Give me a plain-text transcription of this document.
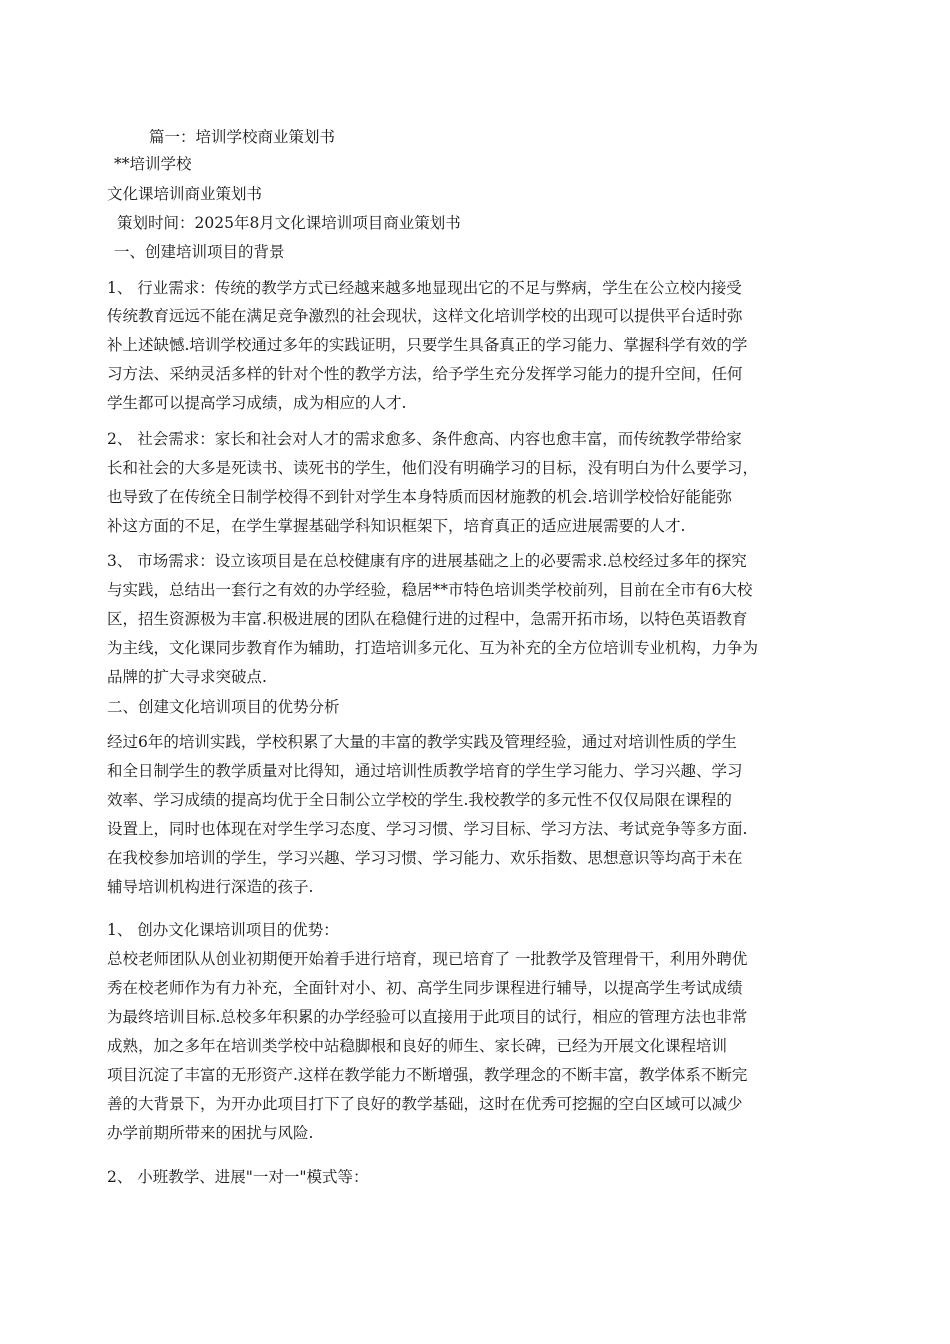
篇一：培训学校商业策划书
**培训学校
文化课培训商业策划书
策划时间：2025年8月文化课培训项目商业策划书
一、创建培训项目的背景
1、 行业需求：传统的教学方式已经越来越多地显现出它的不足与弊病，学生在公立校内接受
传统教育远远不能在满足竞争激烈的社会现状，这样文化培训学校的出现可以提供平台适时弥
补上述缺憾.培训学校通过多年的实践证明，只要学生具备真正的学习能力、掌握科学有效的学
习方法、采纳灵活多样的针对个性的教学方法，给予学生充分发挥学习能力的提升空间，任何
学生都可以提高学习成绩，成为相应的人才.
2、 社会需求：家长和社会对人才的需求愈多、条件愈高、内容也愈丰富，而传统教学带给家
长和社会的大多是死读书、读死书的学生，他们没有明确学习的目标，没有明白为什么要学习，
也导致了在传统全日制学校得不到针对学生本身特质而因材施教的机会.培训学校恰好能能弥
补这方面的不足，在学生掌握基础学科知识框架下，培育真正的适应进展需要的人才.
3、 市场需求：设立该项目是在总校健康有序的进展基础之上的必要需求.总校经过多年的探究
与实践，总结出一套行之有效的办学经验，稳居**市特色培训类学校前列，目前在全市有6大校
区，招生资源极为丰富.积极进展的团队在稳健行进的过程中，急需开拓市场，以特色英语教育
为主线，文化课同步教育作为辅助，打造培训多元化、互为补充的全方位培训专业机构，力争为
品牌的扩大寻求突破点.
二、创建文化培训项目的优势分析
经过6年的培训实践，学校积累了大量的丰富的教学实践及管理经验，通过对培训性质的学生
和全日制学生的教学质量对比得知，通过培训性质教学培育的学生学习能力、学习兴趣、学习
效率、学习成绩的提高均优于全日制公立学校的学生.我校教学的多元性不仅仅局限在课程的
设置上，同时也体现在对学生学习态度、学习习惯、学习目标、学习方法、考试竞争等多方面.
在我校参加培训的学生，学习兴趣、学习习惯、学习能力、欢乐指数、思想意识等均高于未在
辅导培训机构进行深造的孩子.
1、 创办文化课培训项目的优势：
总校老师团队从创业初期便开始着手进行培育，现已培育了 一批教学及管理骨干，利用外聘优
秀在校老师作为有力补充，全面针对小、初、高学生同步课程进行辅导，以提高学生考试成绩
为最终培训目标.总校多年积累的办学经验可以直接用于此项目的试行，相应的管理方法也非常
成熟，加之多年在培训类学校中站稳脚根和良好的师生、家长碑，已经为开展文化课程培训
项目沉淀了丰富的无形资产.这样在教学能力不断增强，教学理念的不断丰富，教学体系不断完
善的大背景下，为开办此项目打下了良好的教学基础，这时在优秀可挖掘的空白区域可以减少
办学前期所带来的困扰与风险.
2、 小班教学、进展"一对一"模式等：
